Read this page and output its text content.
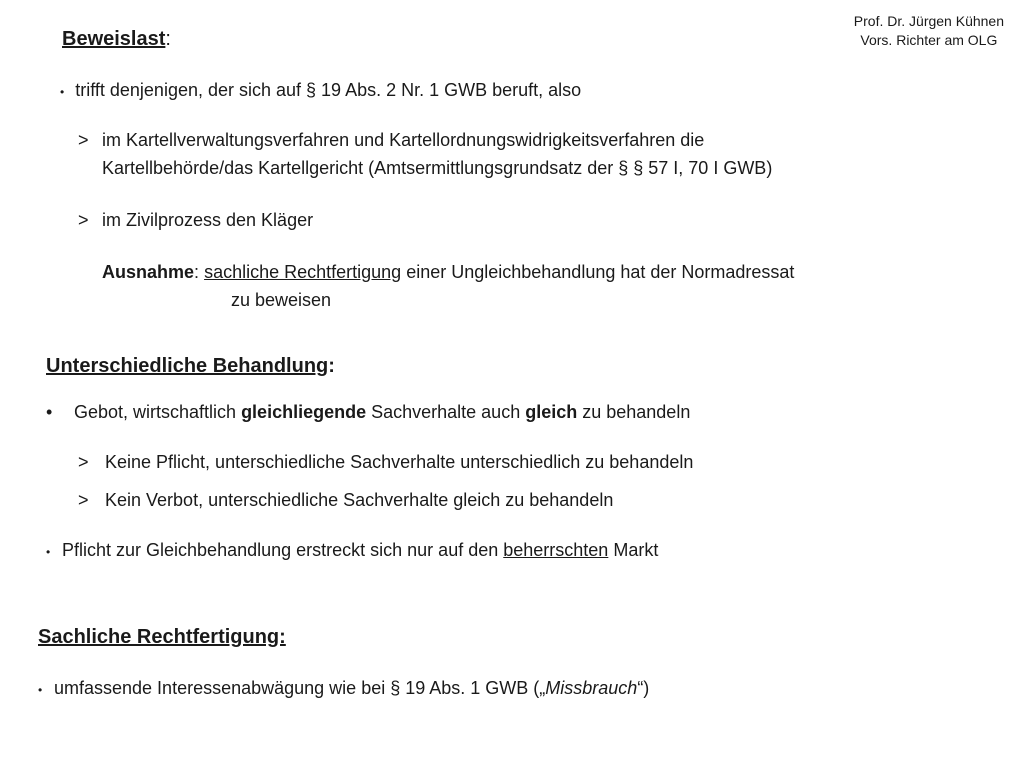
Prof. Dr. Jürgen Kühnen
Vors. Richter am OLG
Beweislast:
• trifft denjenigen, der sich auf § 19 Abs. 2 Nr. 1 GWB beruft, also
> im Kartellverwaltungsverfahren und Kartellordnungswidrigkeitsverfahren die
Kartellbehörde/das Kartellgericht (Amtsermittlungsgrundsatz der § § 57 I, 70 I GWB)
> im Zivilprozess den Kläger
Ausnahme: sachliche Rechtfertigung einer Ungleichbehandlung hat der Normadressat
zu beweisen
Unterschiedliche Behandlung:
• Gebot, wirtschaftlich gleichliegende Sachverhalte auch gleich zu behandeln
> Keine Pflicht, unterschiedliche Sachverhalte unterschiedlich zu behandeln
> Kein Verbot, unterschiedliche Sachverhalte gleich zu behandeln
• Pflicht zur Gleichbehandlung erstreckt sich nur auf den beherrschten Markt
Sachliche Rechtfertigung:
• umfassende Interessenabwägung wie bei § 19 Abs. 1 GWB („Missbrauch“)
